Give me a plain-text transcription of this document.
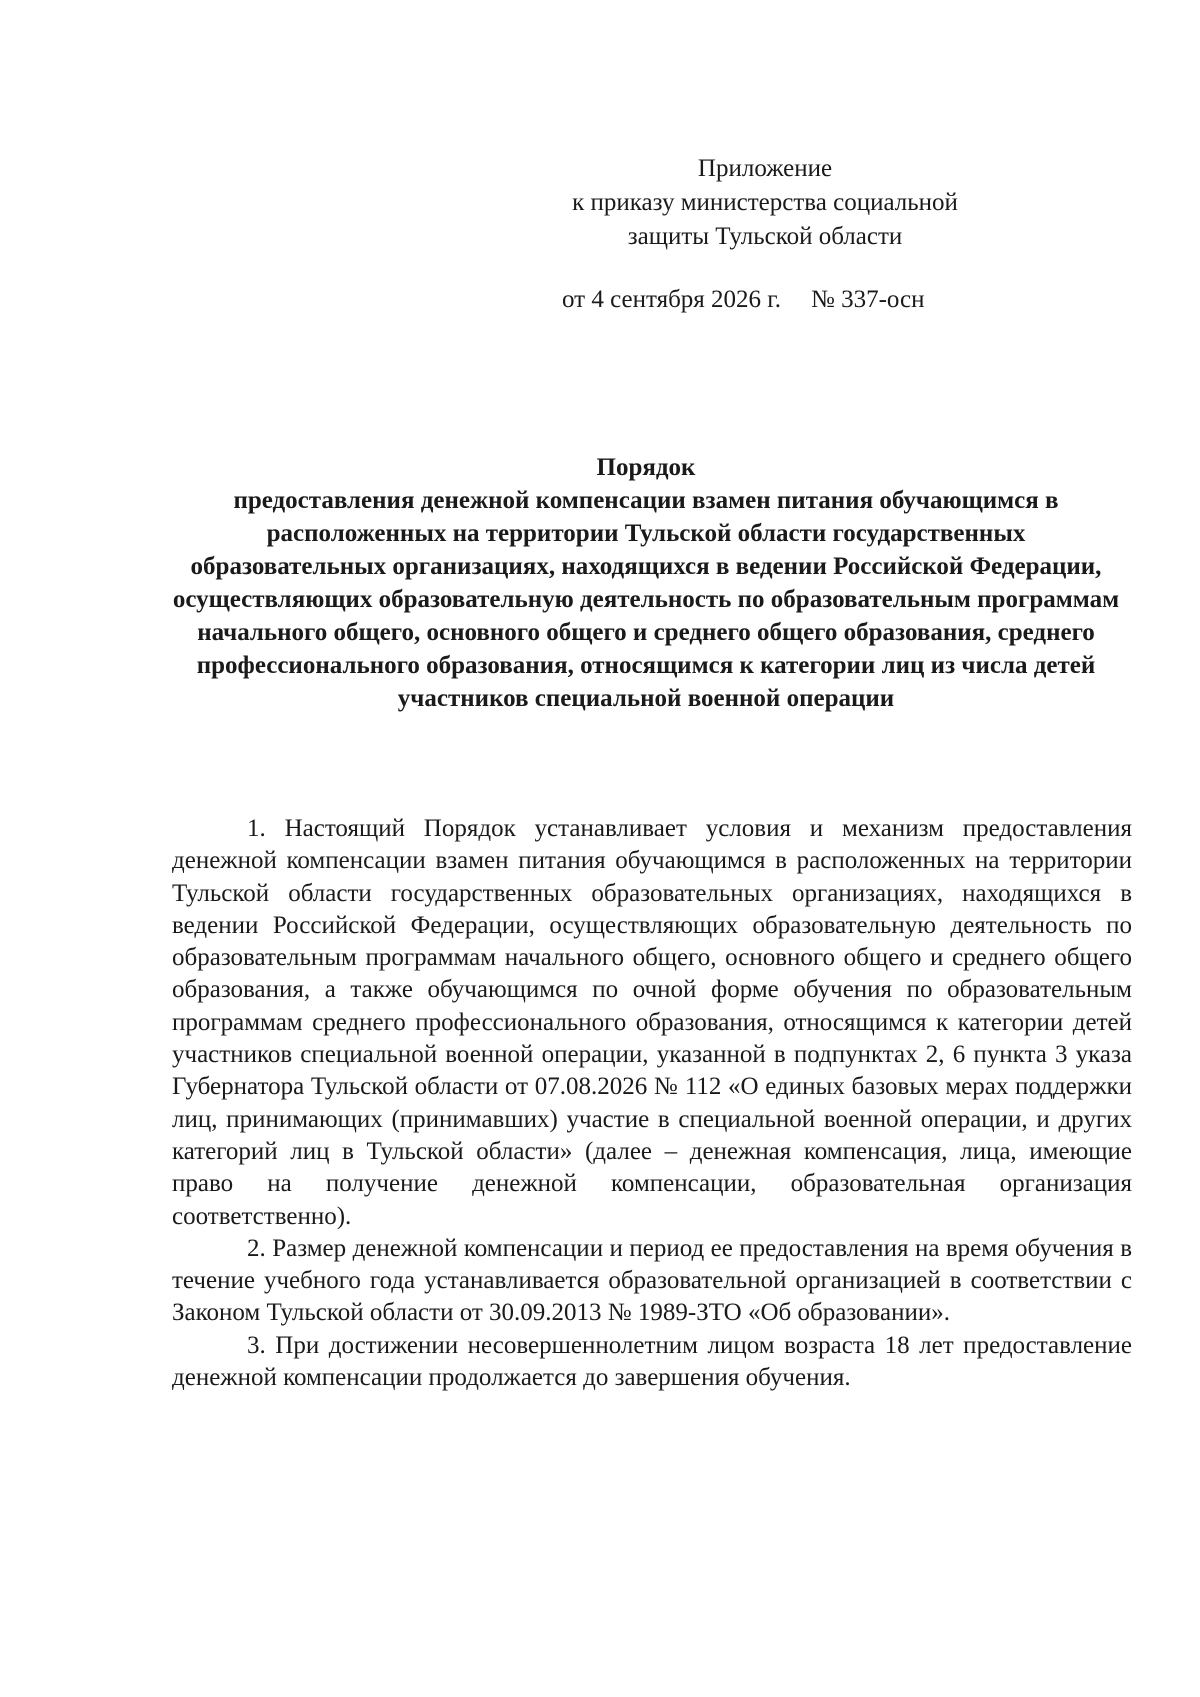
Приложение
к приказу министерства социальной
защиты Тульской области
от 4 сентября 2026 г. № 337-осн
Порядок
предоставления денежной компенсации взамен питания обучающимся в расположенных на территории Тульской области государственных образовательных организациях, находящихся в ведении Российской Федерации, осуществляющих образовательную деятельность по образовательным программам начального общего, основного общего и среднего общего образования, среднего профессионального образования, относящимся к категории лиц из числа детей участников специальной военной операции

1. Настоящий Порядок устанавливает условия и механизм предоставления денежной компенсации взамен питания обучающимся в расположенных на территории Тульской области государственных образовательных организациях, находящихся в ведении Российской Федерации, осуществляющих образовательную деятельность по образовательным программам начального общего, основного общего и среднего общего образования, а также обучающимся по очной форме обучения по образовательным программам среднего профессионального образования, относящимся к категории детей участников специальной военной операции, указанной в подпунктах 2, 6 пункта 3 указа Губернатора Тульской области от 07.08.2026 № 112 «О единых базовых мерах поддержки лиц, принимающих (принимавших) участие в специальной военной операции, и других категорий лиц в Тульской области» (далее – денежная компенсация, лица, имеющие право на получение денежной компенсации, образовательная организация соответственно).

2. Размер денежной компенсации и период ее предоставления на время обучения в течение учебного года устанавливается образовательной организацией в соответствии с Законом Тульской области от 30.09.2013 № 1989-ЗТО «Об образовании».

3. При достижении несовершеннолетним лицом возраста 18 лет предоставление денежной компенсации продолжается до завершения обучения.
